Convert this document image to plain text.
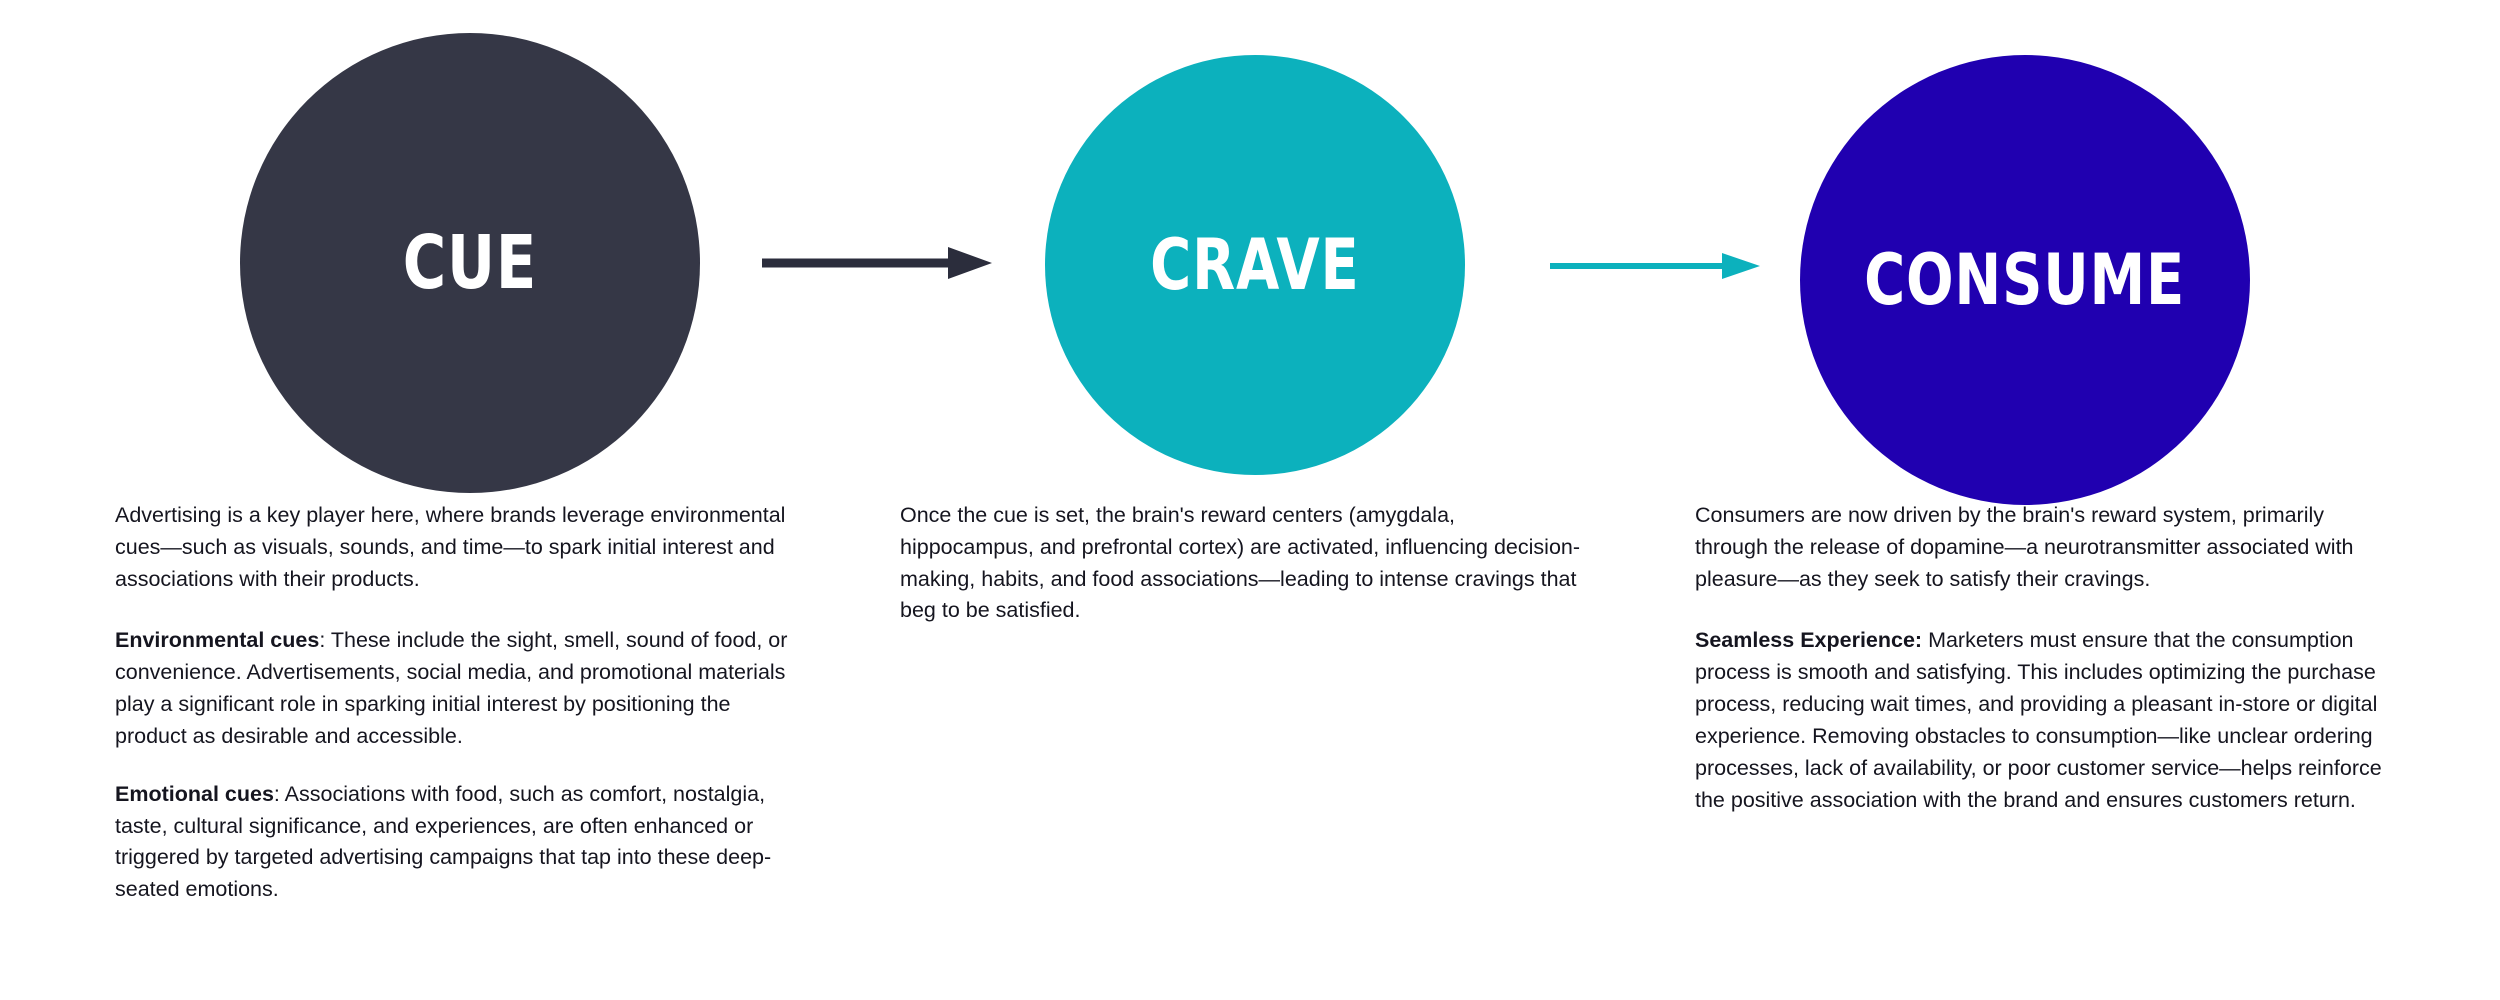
CUE	CRAVE	CONSUME

Advertising is a key player here, where brands leverage environmental cues—such as visuals, sounds, and time—to spark initial interest and associations with their products.

Environmental cues: These include the sight, smell, sound of food, or convenience. Advertisements, social media, and promotional materials play a significant role in sparking initial interest by positioning the product as desirable and accessible.

Emotional cues: Associations with food, such as comfort, nostalgia, taste, cultural significance, and experiences, are often enhanced or triggered by targeted advertising campaigns that tap into these deep-seated emotions.

Once the cue is set, the brain's reward centers (amygdala, hippocampus, and prefrontal cortex) are activated, influencing decision-making, habits, and food associations—leading to intense cravings that beg to be satisfied.

Consumers are now driven by the brain's reward system, primarily through the release of dopamine—a neurotransmitter associated with pleasure—as they seek to satisfy their cravings.

Seamless Experience: Marketers must ensure that the consumption process is smooth and satisfying. This includes optimizing the purchase process, reducing wait times, and providing a pleasant in-store or digital experience. Removing obstacles to consumption—like unclear ordering processes, lack of availability, or poor customer service—helps reinforce the positive association with the brand and ensures customers return.
